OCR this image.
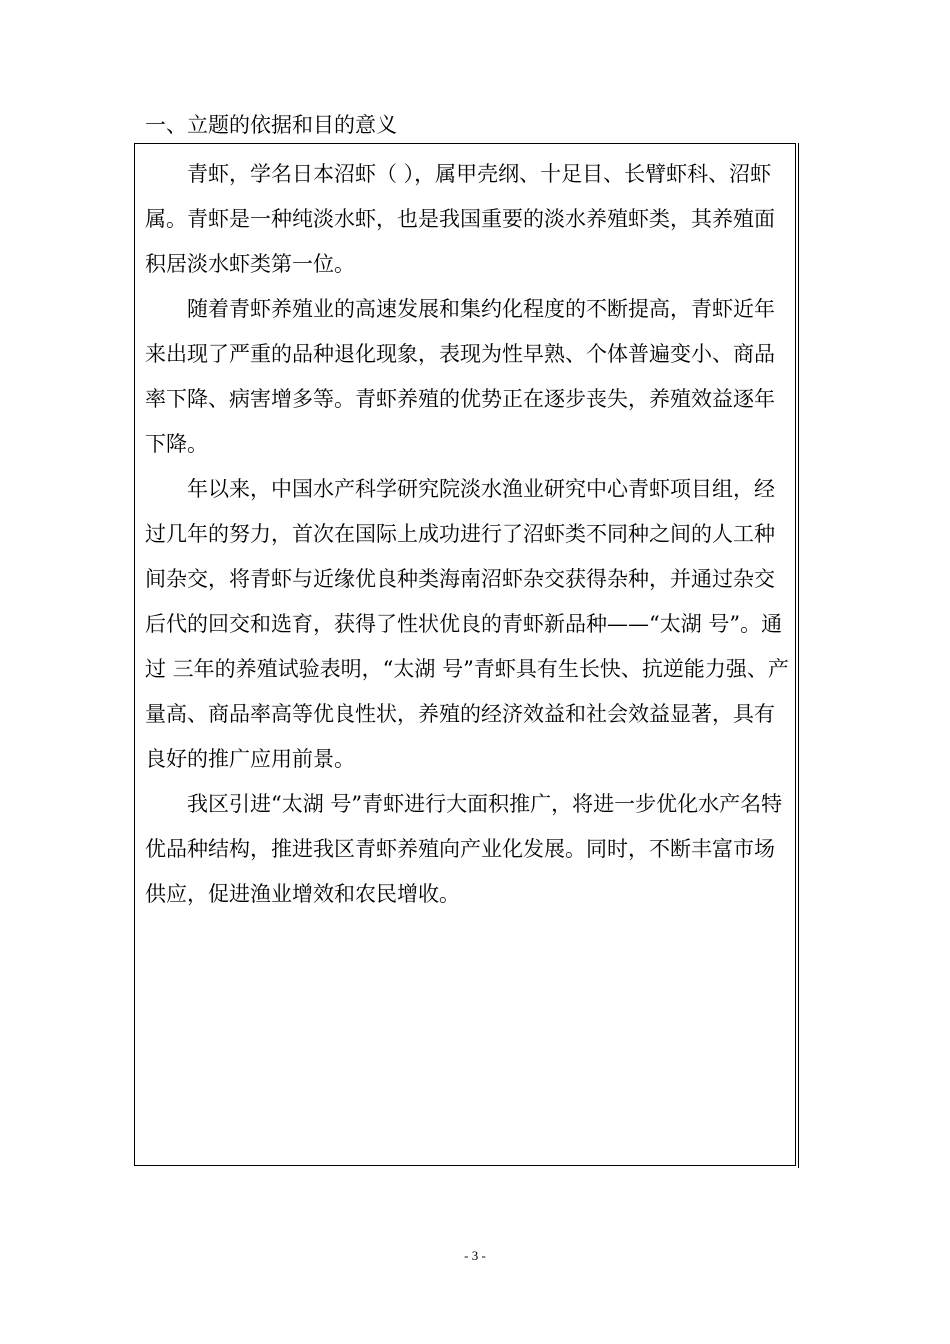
一、立题的依据和目的意义

青虾，学名日本沼虾（ ），属甲壳纲、十足目、长臂虾科、沼虾属。青虾是一种纯淡水虾，也是我国重要的淡水养殖虾类，其养殖面积居淡水虾类第一位。

随着青虾养殖业的高速发展和集约化程度的不断提高，青虾近年来出现了严重的品种退化现象，表现为性早熟、个体普遍变小、商品率下降、病害增多等。青虾养殖的优势正在逐步丧失，养殖效益逐年下降。

年以来，中国水产科学研究院淡水渔业研究中心青虾项目组，经过几年的努力，首次在国际上成功进行了沼虾类不同种之间的人工种间杂交，将青虾与近缘优良种类海南沼虾杂交获得杂种，并通过杂交后代的回交和选育，获得了性状优良的青虾新品种——“太湖 号”。通过 三年的养殖试验表明，“太湖 号”青虾具有生长快、抗逆能力强、产量高、商品率高等优良性状，养殖的经济效益和社会效益显著，具有良好的推广应用前景。

我区引进“太湖 号”青虾进行大面积推广，将进一步优化水产名特优品种结构，推进我区青虾养殖向产业化发展。同时，不断丰富市场供应，促进渔业增效和农民增收。

- 3 -
